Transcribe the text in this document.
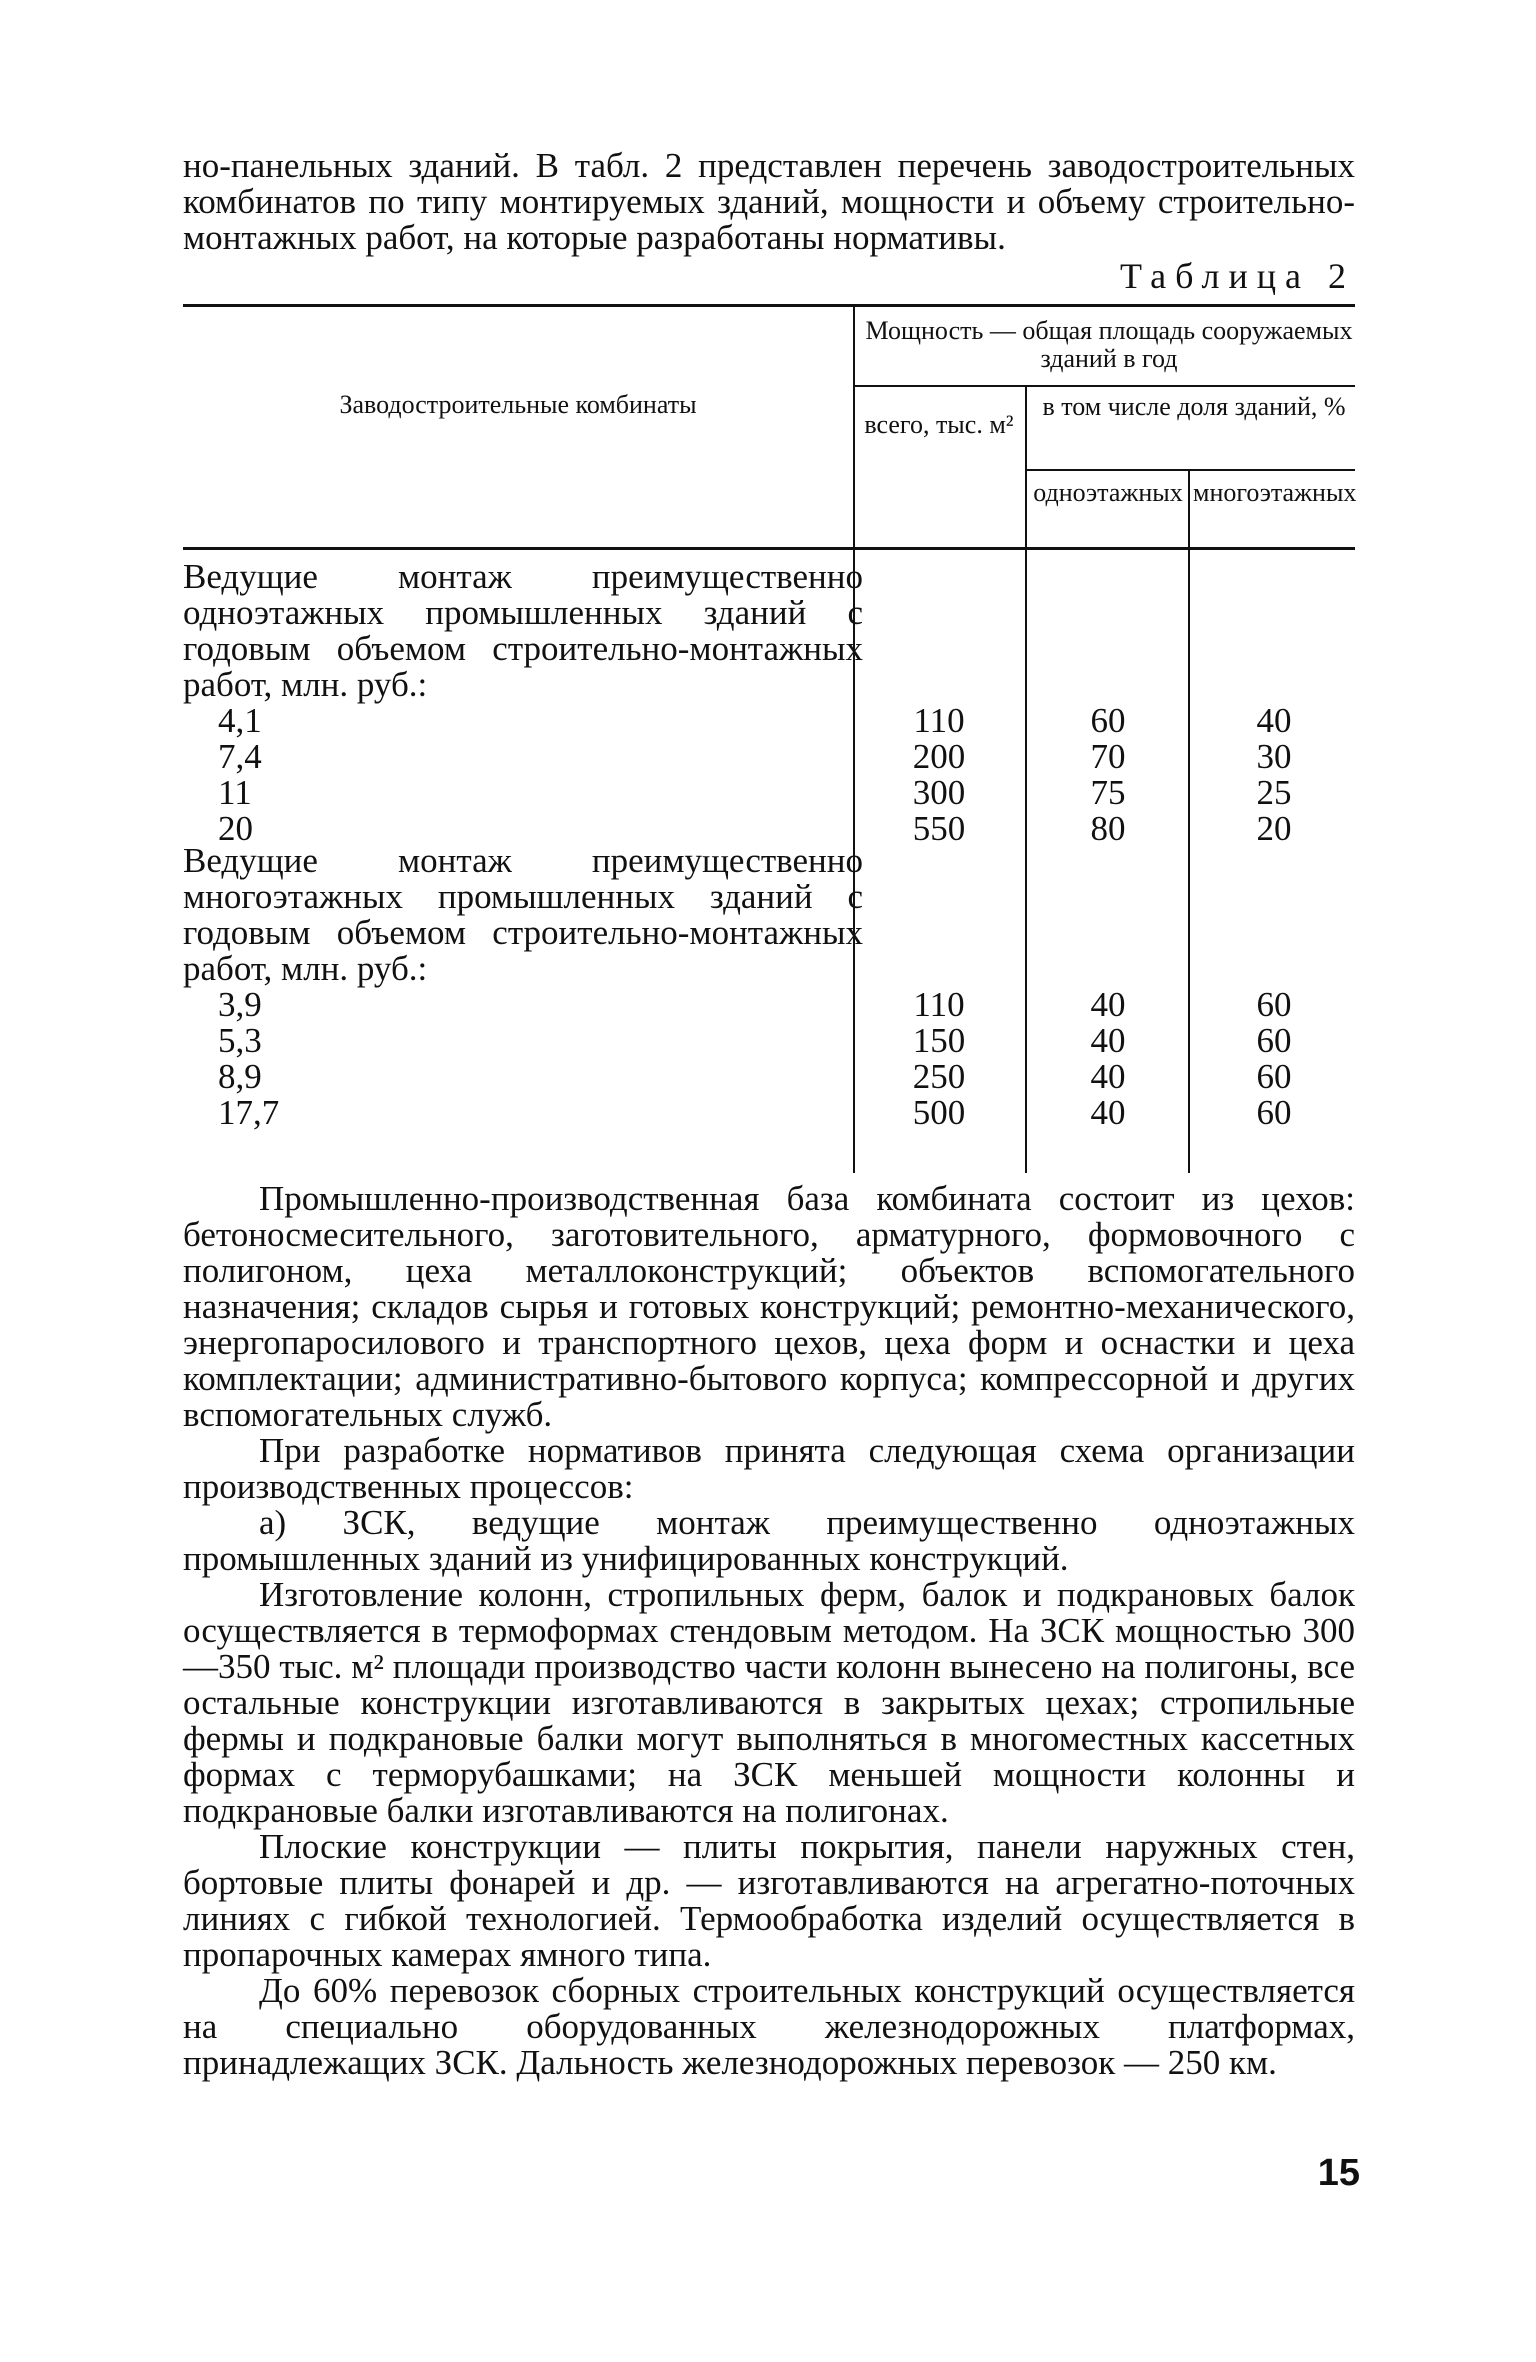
но-панельных зданий. В табл. 2 представлен перечень заводостроительных комбинатов по типу монтируемых зданий, мощности и объему строительно-монтажных работ, на которые разработаны нормативы.

Таблица 2
Заводостроительные комбинаты
Мощность — общая площадь сооружаемых зданий в год
всего, тыс. м²
в том числе доля зданий, %
одноэтажных многоэтажных
Ведущие монтаж преимущественно одноэтажных промышленных зданий с годовым объемом строительно-монтажных работ, млн. руб.:
4,1	110	60	40
7,4	200	70	30
11	300	75	25
20	550	80	20
Ведущие монтаж преимущественно многоэтажных промышленных зданий с годовым объемом строительно-монтажных работ, млн. руб.:
3,9	110	40	60
5,3	150	40	60
8,9	250	40	60
17,7	500	40	60

Промышленно-производственная база комбината состоит из цехов: бетоносмесительного, заготовительного, арматурного, формовочного с полигоном, цеха металлоконструкций; объектов вспомогательного назначения; складов сырья и готовых конструкций; ремонтно-механического, энергопаросилового и транспортного цехов, цеха форм и оснастки и цеха комплектации; административно-бытового корпуса; компрессорной и других вспомогательных служб.

При разработке нормативов принята следующая схема организации производственных процессов:

а) ЗСК, ведущие монтаж преимущественно одноэтажных промышленных зданий из унифицированных конструкций.

Изготовление колонн, стропильных ферм, балок и подкрановых балок осуществляется в термоформах стендовым методом. На ЗСК мощностью 300—350 тыс. м² площади производство части колонн вынесено на полигоны, все остальные конструкции изготавливаются в закрытых цехах; стропильные фермы и подкрановые балки могут выполняться в многоместных кассетных формах с терморубашками; на ЗСК меньшей мощности колонны и подкрановые балки изготавливаются на полигонах.

Плоские конструкции — плиты покрытия, панели наружных стен, бортовые плиты фонарей и др. — изготавливаются на агрегатно-поточных линиях с гибкой технологией. Термообработка изделий осуществляется в пропарочных камерах ямного типа.

До 60% перевозок сборных строительных конструкций осуществляется на специально оборудованных железнодорожных платформах, принадлежащих ЗСК. Дальность железнодорожных перевозок — 250 км.

15
